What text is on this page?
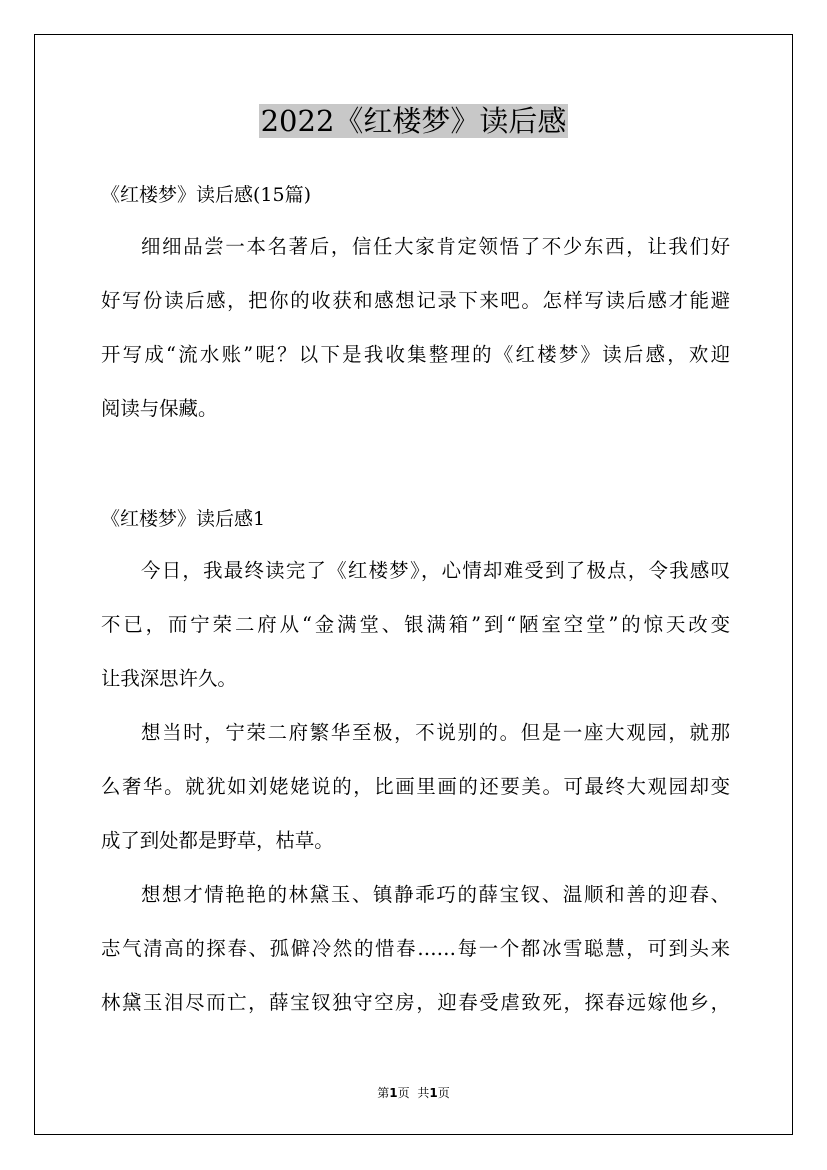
2022《红楼梦》读后感
《红楼梦》读后感(15篇)
细细品尝一本名著后，信任大家肯定领悟了不少东西，让我们好
好写份读后感，把你的收获和感想记录下来吧。怎样写读后感才能避
开写成“流水账”呢？以下是我收集整理的《红楼梦》读后感，欢迎
阅读与保藏。
《红楼梦》读后感1
今日，我最终读完了《红楼梦》，心情却难受到了极点，令我感叹
不已，而宁荣二府从“金满堂、银满箱”到“陋室空堂”的惊天改变
让我深思许久。
想当时，宁荣二府繁华至极，不说别的。但是一座大观园，就那
么奢华。就犹如刘姥姥说的，比画里画的还要美。可最终大观园却变
成了到处都是野草，枯草。
想想才情艳艳的林黛玉、镇静乖巧的薛宝钗、温顺和善的迎春、
志气清高的探春、孤僻冷然的惜春……每一个都冰雪聪慧，可到头来
林黛玉泪尽而亡，薛宝钗独守空房，迎春受虐致死，探春远嫁他乡，
第1页 共1页
